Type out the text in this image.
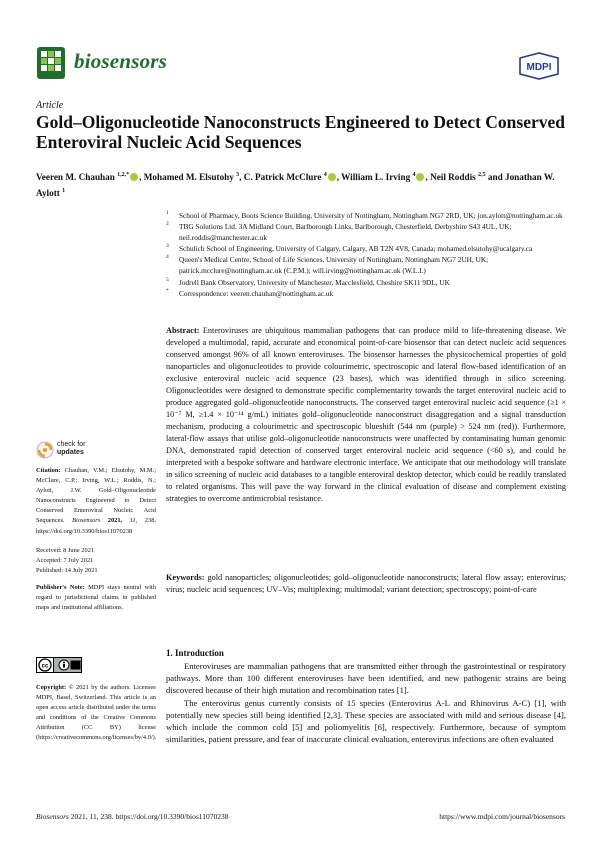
biosensors	MDPI
Article
Gold–Oligonucleotide Nanoconstructs Engineered to Detect Conserved Enteroviral Nucleic Acid Sequences
Veeren M. Chauhan $^{1,2,*}$ , Mohamed M. Elsutohy $^3$, C. Patrick McClure $^4$ , William L. Irving $^4$ , Neil Roddis $^{2,5}$ and Jonathan W. Aylott $^1$
1 School of Pharmacy, Boots Science Building, University of Nottingham, Nottingham NG7 2RD, UK; jon.aylott@nottingham.ac.uk
2 TBG Solutions Ltd. 3A Midland Court, Barlborough Links, Barlborough, Chesterfield, Derbyshire S43 4UL, UK; neil.roddis@manchester.ac.uk
3 Schulich School of Engineering, University of Calgary, Calgary, AB T2N 4V8, Canada; mohamed.elsutohy@ucalgary.ca
4 Queen's Medical Centre, School of Life Sciences, University of Nottingham, Nottingham NG7 2UH, UK; patrick.mcclure@nottingham.ac.uk (C.P.M.); will.irving@nottingham.ac.uk (W.L.I.)
5 Jodrell Bank Observatory, University of Manchester, Macclesfield, Cheshire SK11 9DL, UK
* Correspondence: veeren.chauhan@nottingham.ac.uk
Abstract: Enteroviruses are ubiquitous mammalian pathogens that can produce mild to life-threatening disease. We developed a multimodal, rapid, accurate and economical point-of-care biosensor that can detect nucleic acid sequences conserved amongst 96% of all known enteroviruses. The biosensor harnesses the physicochemical properties of gold nanoparticles and oligonucleotides to provide colourimetric, spectroscopic and lateral flow-based identification of an exclusive enteroviral nucleic acid sequence (23 bases), which was identified through in silico screening. Oligonucleotides were designed to demonstrate specific complementarity towards the target enteroviral nucleic acid to produce aggregated gold–oligonucleotide nanoconstructs. The conserved target enteroviral nucleic acid sequence (≥1 × 10⁻⁷ M, ≥1.4 × 10⁻¹⁴ g/mL) initiates gold–oligonucleotide nanoconstruct disaggregation and a signal transduction mechanism, producing a colourimetric and spectroscopic blueshift (544 nm (purple) > 524 nm (red)). Furthermore, lateral-flow assays that utilise gold–oligonucleotide nanoconstructs were unaffected by contaminating human genomic DNA, demonstrated rapid detection of conserved target enteroviral nucleic acid sequence (<60 s), and could be interpreted with a bespoke software and hardware electronic interface. We anticipate that our methodology will translate in silico screening of nucleic acid databases to a tangible enteroviral desktop detector, which could be readily translated to related organisms. This will pave the way forward in the clinical evaluation of disease and complement existing strategies to overcome antimicrobial resistance.
Keywords: gold nanoparticles; oligonucleotides; gold–oligonucleotide nanoconstructs; lateral flow assay; enterovirus; virus; nucleic acid sequences; UV–Vis; multiplexing; multimodal; variant detection; spectroscopy; point-of-care
check for
updates
Citation: Chauhan, V.M.; Elsutohy, M.M.; McClure, C.P.; Irving, W.L.; Roddis, N.; Aylott, J.W. Gold–Oligonucleotide Nanoconstructs Engineered to Detect Conserved Enteroviral Nucleic Acid Sequences. Biosensors 2021, 11, 238. https://doi.org/10.3390/bios11070238
Received: 8 June 2021
Accepted: 7 July 2021
Published: 14 July 2021
Publisher's Note: MDPI stays neutral with regard to jurisdictional claims in published maps and institutional affiliations.
cc
Copyright: © 2021 by the authors. Licensee MDPI, Basel, Switzerland. This article is an open access article distributed under the terms and conditions of the Creative Commons Attribution (CC BY) license (https://creativecommons.org/licenses/by/4.0/).
1. Introduction

Enteroviruses are mammalian pathogens that are transmitted either through the gastrointestinal or respiratory pathways. More than 100 different enteroviruses have been identified, and new pathogenic strains are being discovered because of their high mutation and recombination rates [1].

The enterovirus genus currently consists of 15 species (Enterovirus A-L and Rhinovirus A-C) [1], with potentially new species still being identified [2,3]. These species are associated with mild and serious disease [4], which include the common cold [5] and poliomyelitis [6], respectively. Furthermore, because of symptom similarities, patient pressure, and fear of inaccurate clinical evaluation, enterovirus infections are often evaluated

Biosensors 2021, 11, 238. https://doi.org/10.3390/bios11070238	https://www.mdpi.com/journal/biosensors
